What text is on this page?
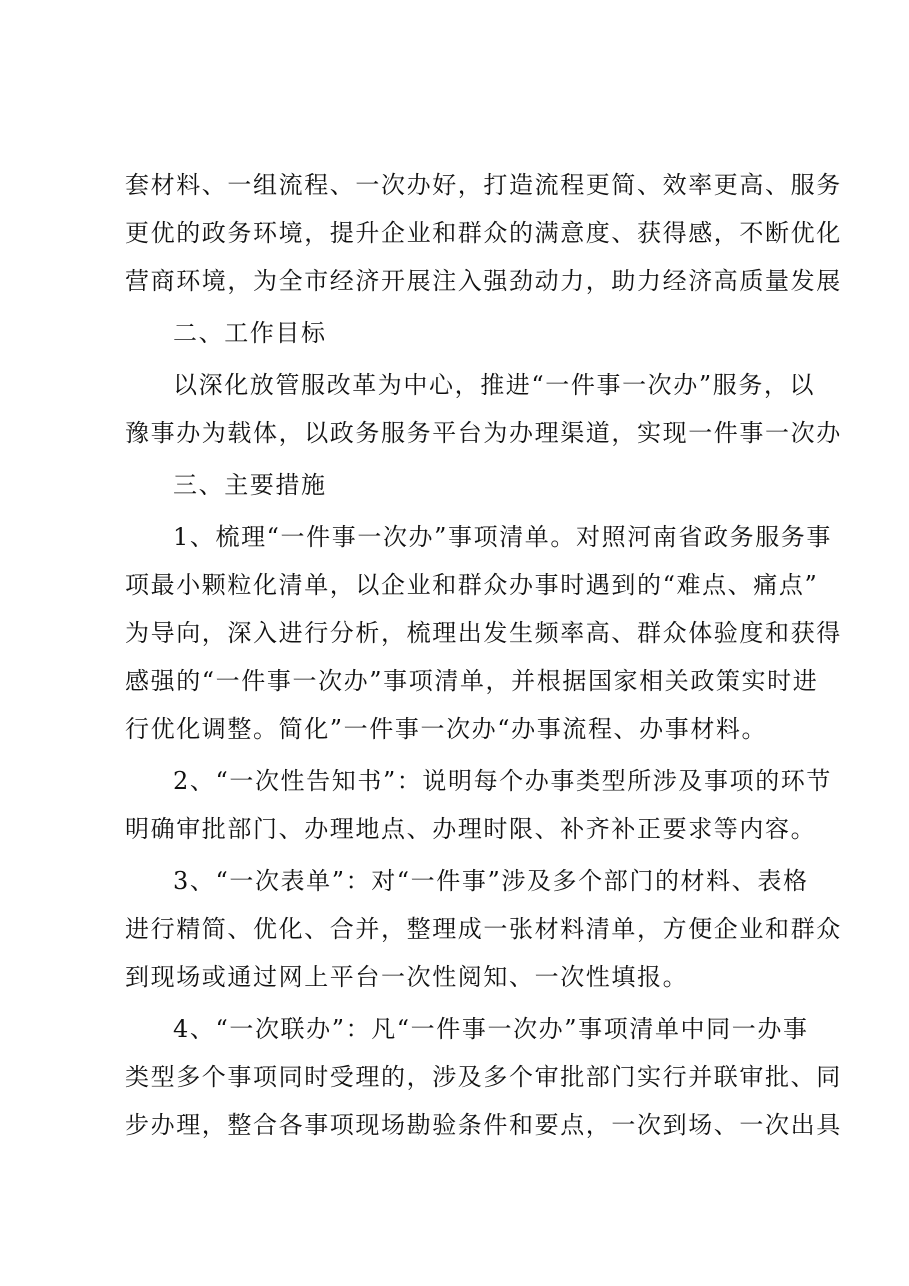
套材料、一组流程、一次办好，打造流程更简、效率更高、服务
更优的政务环境，提升企业和群众的满意度、获得感，不断优化
营商环境，为全市经济开展注入强劲动力，助力经济高质量发展
二、工作目标
以深化放管服改革为中心，推进“一件事一次办”服务，以
豫事办为载体，以政务服务平台为办理渠道，实现一件事一次办
三、主要措施
1、梳理“一件事一次办”事项清单。对照河南省政务服务事
项最小颗粒化清单，以企业和群众办事时遇到的“难点、痛点”
为导向，深入进行分析，梳理出发生频率高、群众体验度和获得
感强的“一件事一次办”事项清单，并根据国家相关政策实时进
行优化调整。简化”一件事一次办“办事流程、办事材料。
2、“一次性告知书”：说明每个办事类型所涉及事项的环节
明确审批部门、办理地点、办理时限、补齐补正要求等内容。
3、“一次表单”：对“一件事”涉及多个部门的材料、表格
进行精简、优化、合并，整理成一张材料清单，方便企业和群众
到现场或通过网上平台一次性阅知、一次性填报。
4、“一次联办”：凡“一件事一次办”事项清单中同一办事
类型多个事项同时受理的，涉及多个审批部门实行并联审批、同
步办理，整合各事项现场勘验条件和要点，一次到场、一次出具
